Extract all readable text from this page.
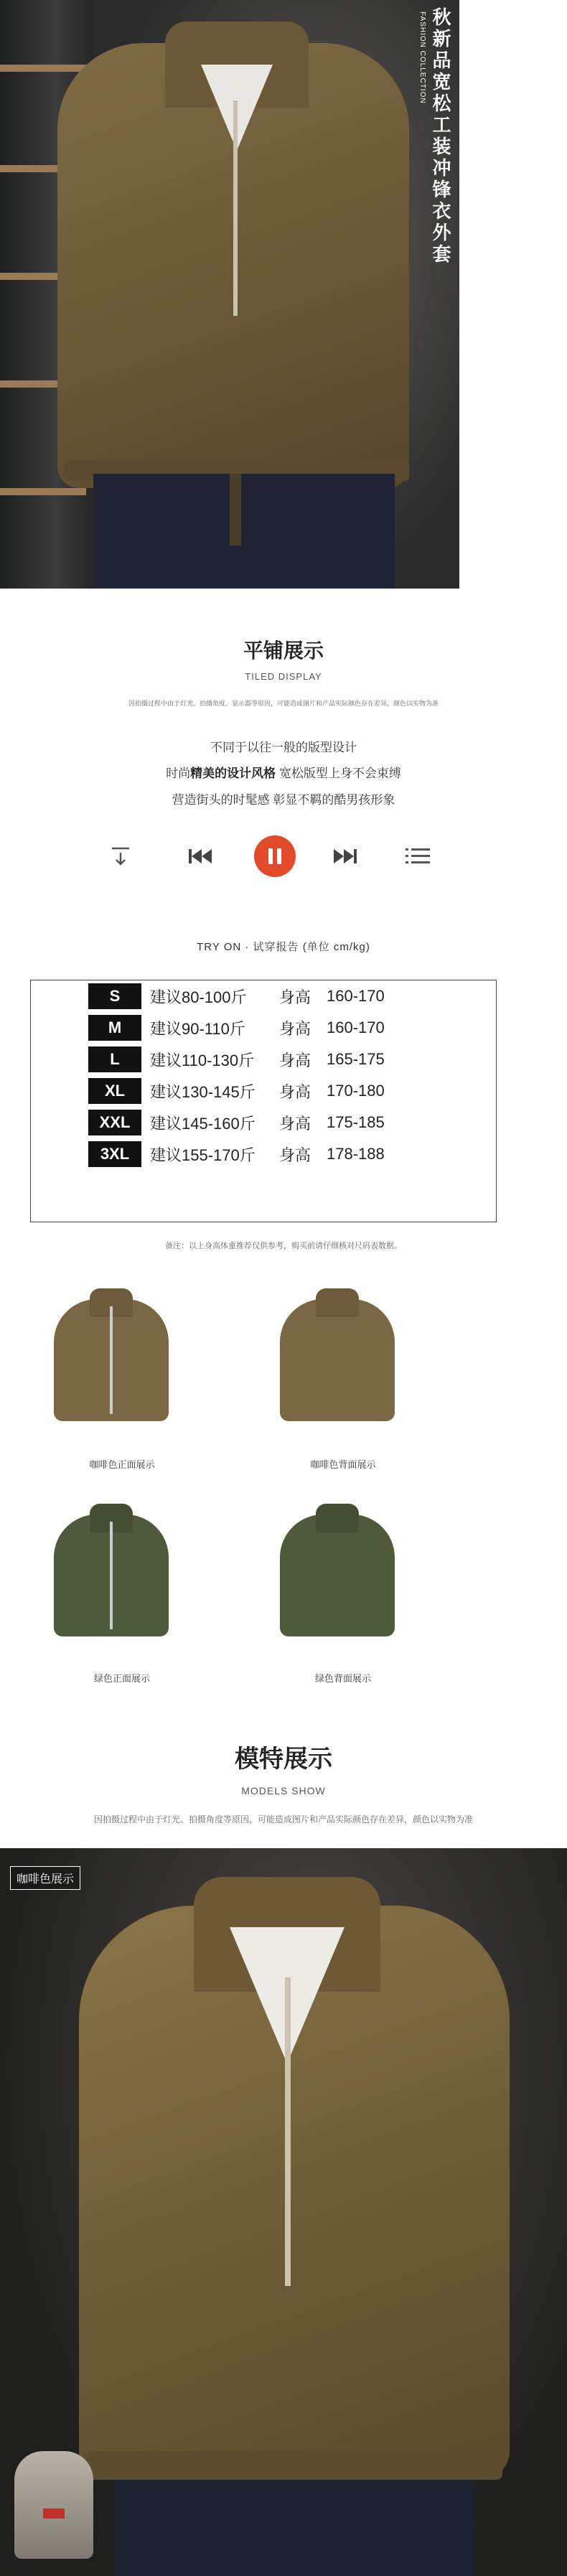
FASHION COLLECTION 秋新品宽松工装冲锋衣外套
平铺展示
TILED DISPLAY
因拍摄过程中由于灯光、拍摄角度、显示器等原因，可能造成图片和产品实际颜色存在差异，颜色以实物为准
不同于以往一般的版型设计
时尚精美的设计风格 宽松版型上身不会束缚
营造街头的时髦感 彰显不羁的酷男孩形象
TRY ON · 试穿报告 (单位 cm/kg)
S	建议80-100斤	身高 160-170
M	建议90-110斤	身高 160-170
L	建议110-130斤	身高 165-175
XL	建议130-145斤	身高 170-180
XXL	建议145-160斤	身高 175-185
3XL	建议155-170斤	身高 178-188
备注：以上身高体重推荐仅供参考，购买前请仔细核对尺码表数据。
咖啡色正面展示	咖啡色背面展示
绿色正面展示	绿色背面展示
模特展示
MODELS SHOW
因拍摄过程中由于灯光、拍摄角度等原因，可能造成图片和产品实际颜色存在差异，颜色以实物为准
咖啡色展示
